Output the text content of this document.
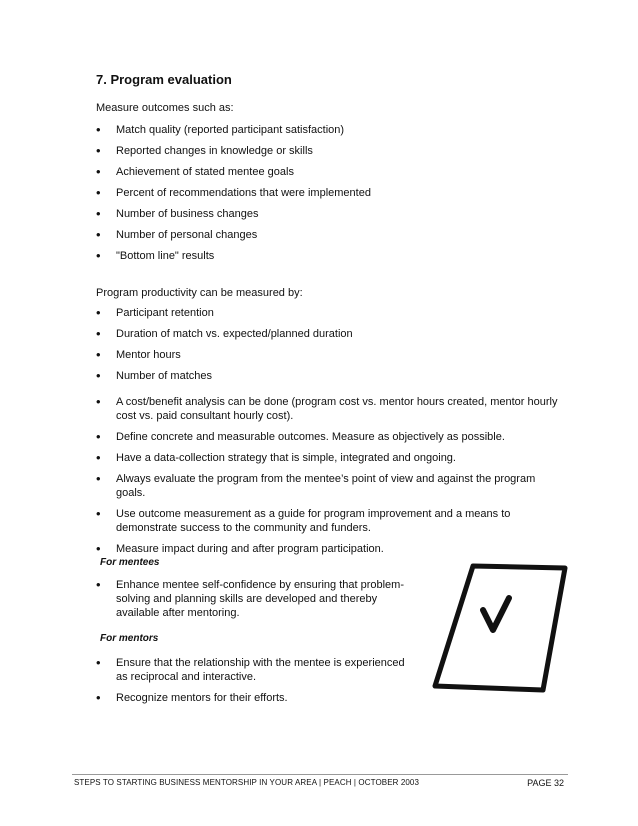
7. Program evaluation
Measure outcomes such as:
• Match quality (reported participant satisfaction)
• Reported changes in knowledge or skills
• Achievement of stated mentee goals
• Percent of recommendations that were implemented
• Number of business changes
• Number of personal changes
• "Bottom line" results
Program productivity can be measured by:
• Participant retention
• Duration of match vs. expected/planned duration
• Mentor hours
• Number of matches
• A cost/benefit analysis can be done (program cost vs. mentor hours created, mentor hourly cost vs. paid consultant hourly cost).
• Define concrete and measurable outcomes. Measure as objectively as possible.
• Have a data-collection strategy that is simple, integrated and ongoing.
• Always evaluate the program from the mentee’s point of view and against the program goals.
• Use outcome measurement as a guide for program improvement and a means to demonstrate success to the community and funders.
• Measure impact during and after program participation.
For mentees
• Enhance mentee self-confidence by ensuring that problem-solving and planning skills are developed and thereby available after mentoring.
For mentors
• Ensure that the relationship with the mentee is experienced as reciprocal and interactive.
• Recognize mentors for their efforts.
STEPS TO STARTING BUSINESS MENTORSHIP IN YOUR AREA | PEACH | OCTOBER 2003	PAGE 32
